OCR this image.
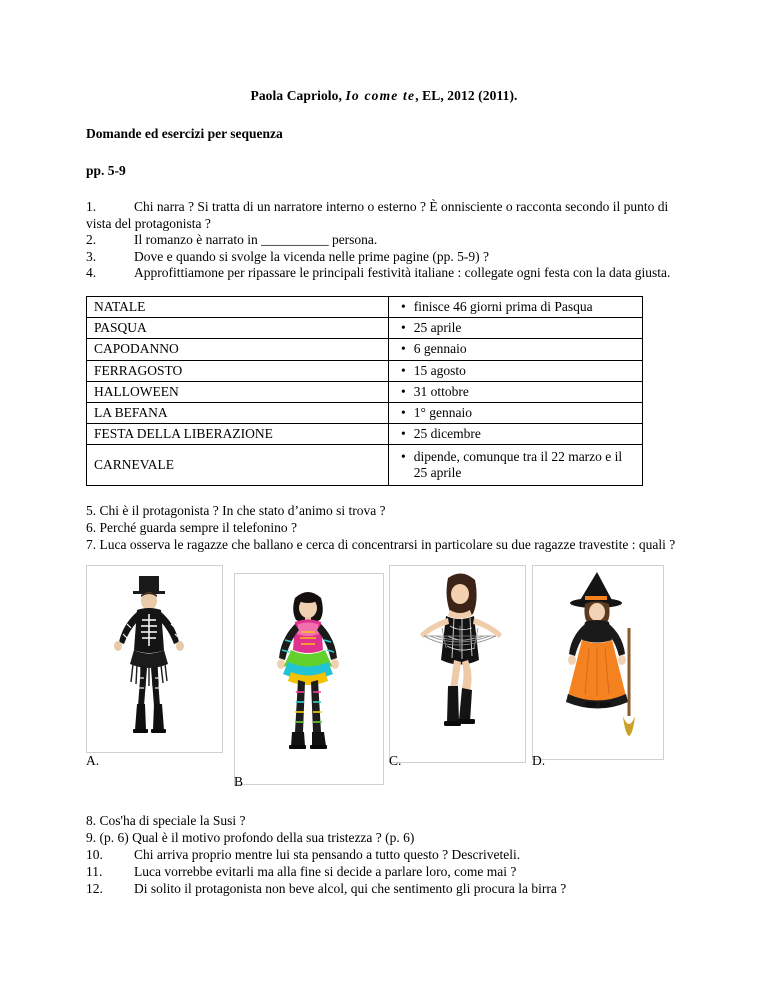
Paola Capriolo, Io come te, EL, 2012 (2011).
Domande ed esercizi per sequenza
pp. 5-9
1.	Chi narra ? Si tratta di un narratore interno o esterno ? È onnisciente o racconta secondo il punto di vista del protagonista ?
2.	Il romanzo è narrato in __________ persona.
3.	Dove e quando si svolge la vicenda nelle prime pagine (pp. 5-9) ?
4.	Approfittiamone per ripassare le principali festività italiane : collegate ogni festa con la data giusta.
NATALE	• finisce 46 giorni prima di Pasqua

PASQUA	• 25 aprile

CAPODANNO	• 6 gennaio

FERRAGOSTO	• 15 agosto

HALLOWEEN	• 31 ottobre

LA BEFANA	• 1° gennaio

FESTA DELLA LIBERAZIONE	• 25 dicembre

CARNEVALE	• dipende, comunque tra il 22 marzo e il 25 aprile
5. Chi è il protagonista ? In che stato d’animo si trova ?
6. Perché guarda sempre il telefonino ?
7. Luca osserva le ragazze che ballano e cerca di concentrarsi in particolare su due ragazze travestite : quali ?
A.
B
C.	D.
8. Cos'ha di speciale la Susi ?
9. (p. 6) Qual è il motivo profondo della sua tristezza ? (p. 6)
10. Chi arriva proprio mentre lui sta pensando a tutto questo ? Descriveteli.
11. Luca vorrebbe evitarli ma alla fine si decide a parlare loro, come mai ?
12. Di solito il protagonista non beve alcol, qui che sentimento gli procura la birra ?
